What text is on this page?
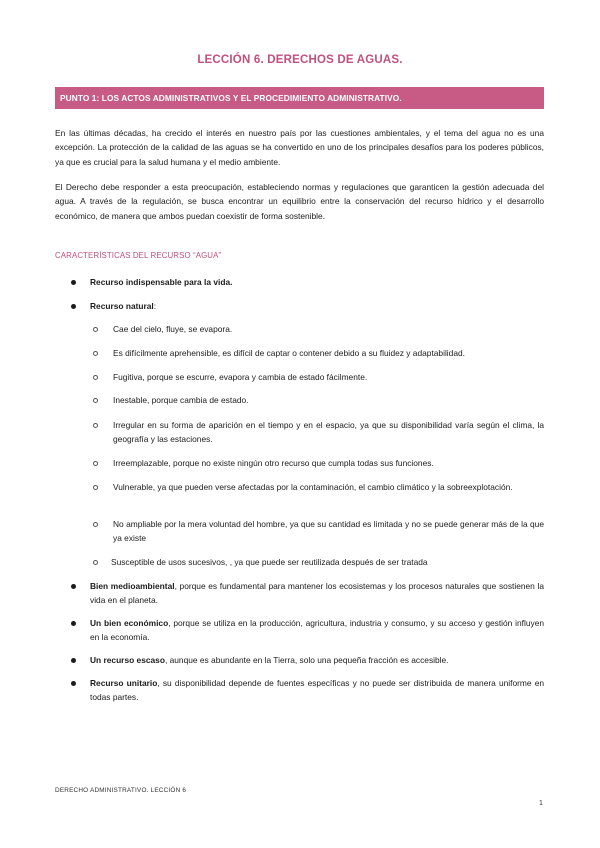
LECCIÓN 6. DERECHOS DE AGUAS.
PUNTO 1: LOS ACTOS ADMINISTRATIVOS Y EL PROCEDIMIENTO ADMINISTRATIVO.

En las últimas décadas, ha crecido el interés en nuestro país por las cuestiones ambientales, y el tema del agua no es una excepción. La protección de la calidad de las aguas se ha convertido en uno de los principales desafíos para los poderes públicos, ya que es crucial para la salud humana y el medio ambiente.

El Derecho debe responder a esta preocupación, estableciendo normas y regulaciones que garanticen la gestión adecuada del agua. A través de la regulación, se busca encontrar un equilibrio entre la conservación del recurso hídrico y el desarrollo económico, de manera que ambos puedan coexistir de forma sostenible.

CARACTERÍSTICAS DEL RECURSO “AGUA”
Recurso indispensable para la vida.
Recurso natural:
Cae del cielo, fluye, se evapora.
Es difícilmente aprehensible, es difícil de captar o contener debido a su fluidez y adaptabilidad.
Fugitiva, porque se escurre, evapora y cambia de estado fácilmente.
Inestable, porque cambia de estado.
Irregular en su forma de aparición en el tiempo y en el espacio, ya que su disponibilidad varía según el clima, la geografía y las estaciones.
Irreemplazable, porque no existe ningún otro recurso que cumpla todas sus funciones.
Vulnerable, ya que pueden verse afectadas por la contaminación, el cambio climático y la sobreexplotación.
No ampliable por la mera voluntad del hombre, ya que su cantidad es limitada y no se puede generar más de la que ya existe
Susceptible de usos sucesivos, , ya que puede ser reutilizada después de ser tratada
Bien medioambiental, porque es fundamental para mantener los ecosistemas y los procesos naturales que sostienen la vida en el planeta.
Un bien económico, porque se utiliza en la producción, agricultura, industria y consumo, y su acceso y gestión influyen en la economía.
Un recurso escaso, aunque es abundante en la Tierra, solo una pequeña fracción es accesible.
Recurso unitario, su disponibilidad depende de fuentes específicas y no puede ser distribuida de manera uniforme en todas partes.
DERECHO ADMINISTRATIVO. LECCIÓN 6
1
